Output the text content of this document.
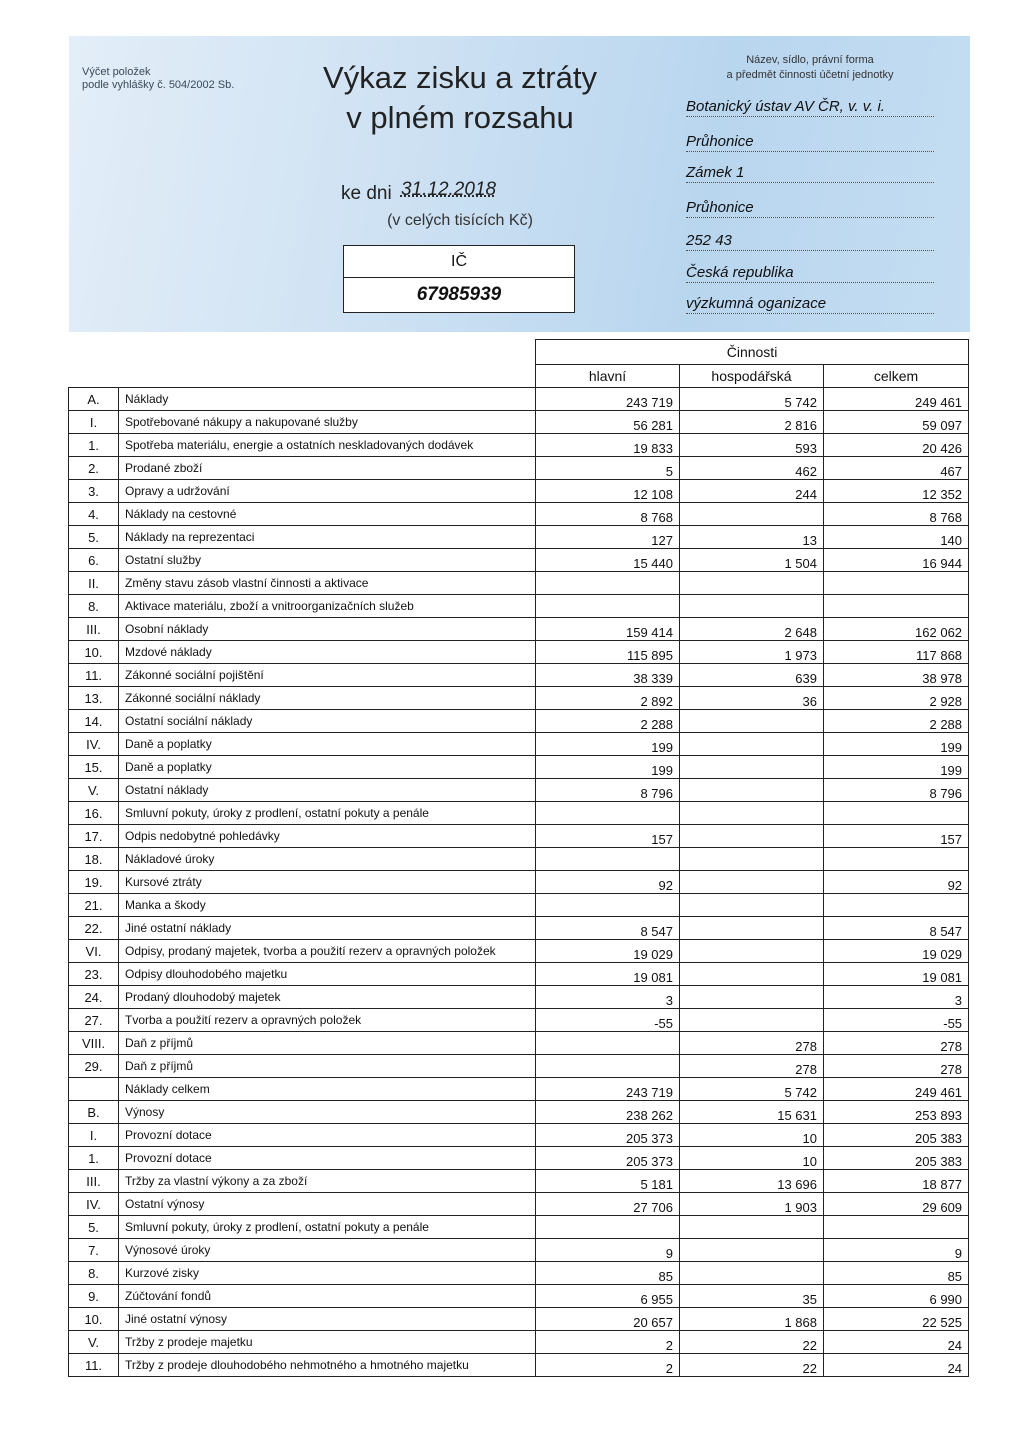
Výčet položek
podle vyhlášky č. 504/2002 Sb.	Výkaz zisku a ztráty
v plném rozsahu
ke dni 31.12.2018
(v celých tisících Kč)
IČ
67985939
Název, sídlo, právní forma
a předmět činnosti účetní jednotky
Botanický ústav AV ČR, v. v. i.
Průhonice
Zámek 1
Průhonice
252 43
Česká republika
výzkumná oganizace
		Činnosti		
		hlavní	hospodářská	celkem
A.	Náklady	243 719	5 742	249 461
I.	Spotřebované nákupy a nakupované služby	56 281	2 816	59 097
1.	Spotřeba materiálu, energie a ostatních neskladovaných dodávek	19 833	593	20 426
2.	Prodané zboží	5	462	467
3.	Opravy a udržování	12 108	244	12 352
4.	Náklady na cestovné	8 768		8 768
5.	Náklady na reprezentaci	127	13	140
6.	Ostatní služby	15 440	1 504	16 944
II.	Změny stavu zásob vlastní činnosti a aktivace			
8.	Aktivace materiálu, zboží a vnitroorganizačních služeb			
III.	Osobní náklady	159 414	2 648	162 062
10.	Mzdové náklady	115 895	1 973	117 868
11.	Zákonné sociální pojištění	38 339	639	38 978
13.	Zákonné sociální náklady	2 892	36	2 928
14.	Ostatní sociální náklady	2 288		2 288
IV.	Daně a poplatky	199		199
15.	Daně a poplatky	199		199
V.	Ostatní náklady	8 796		8 796
16.	Smluvní pokuty, úroky z prodlení, ostatní pokuty a penále			
17.	Odpis nedobytné pohledávky	157		157
18.	Nákladové úroky			
19.	Kursové ztráty	92		92
21.	Manka a škody			
22.	Jiné ostatní náklady	8 547		8 547
VI.	Odpisy, prodaný majetek, tvorba a použití rezerv a opravných položek	19 029		19 029
23.	Odpisy dlouhodobého majetku	19 081		19 081
24.	Prodaný dlouhodobý majetek	3		3
27.	Tvorba a použití rezerv a opravných položek	-55		-55
VIII.	Daň z příjmů		278	278
29.	Daň z příjmů		278	278
	Náklady celkem	243 719	5 742	249 461
B.	Výnosy	238 262	15 631	253 893
I.	Provozní dotace	205 373	10	205 383
1.	Provozní dotace	205 373	10	205 383
III.	Tržby za vlastní výkony a za zboží	5 181	13 696	18 877
IV.	Ostatní výnosy	27 706	1 903	29 609
5.	Smluvní pokuty, úroky z prodlení, ostatní pokuty a penále			
7.	Výnosové úroky	9		9
8.	Kurzové zisky	85		85
9.	Zúčtování fondů	6 955	35	6 990
10.	Jiné ostatní výnosy	20 657	1 868	22 525
V.	Tržby z prodeje majetku	2	22	24
11.	Tržby z prodeje dlouhodobého nehmotného a hmotného majetku	2	22	24
